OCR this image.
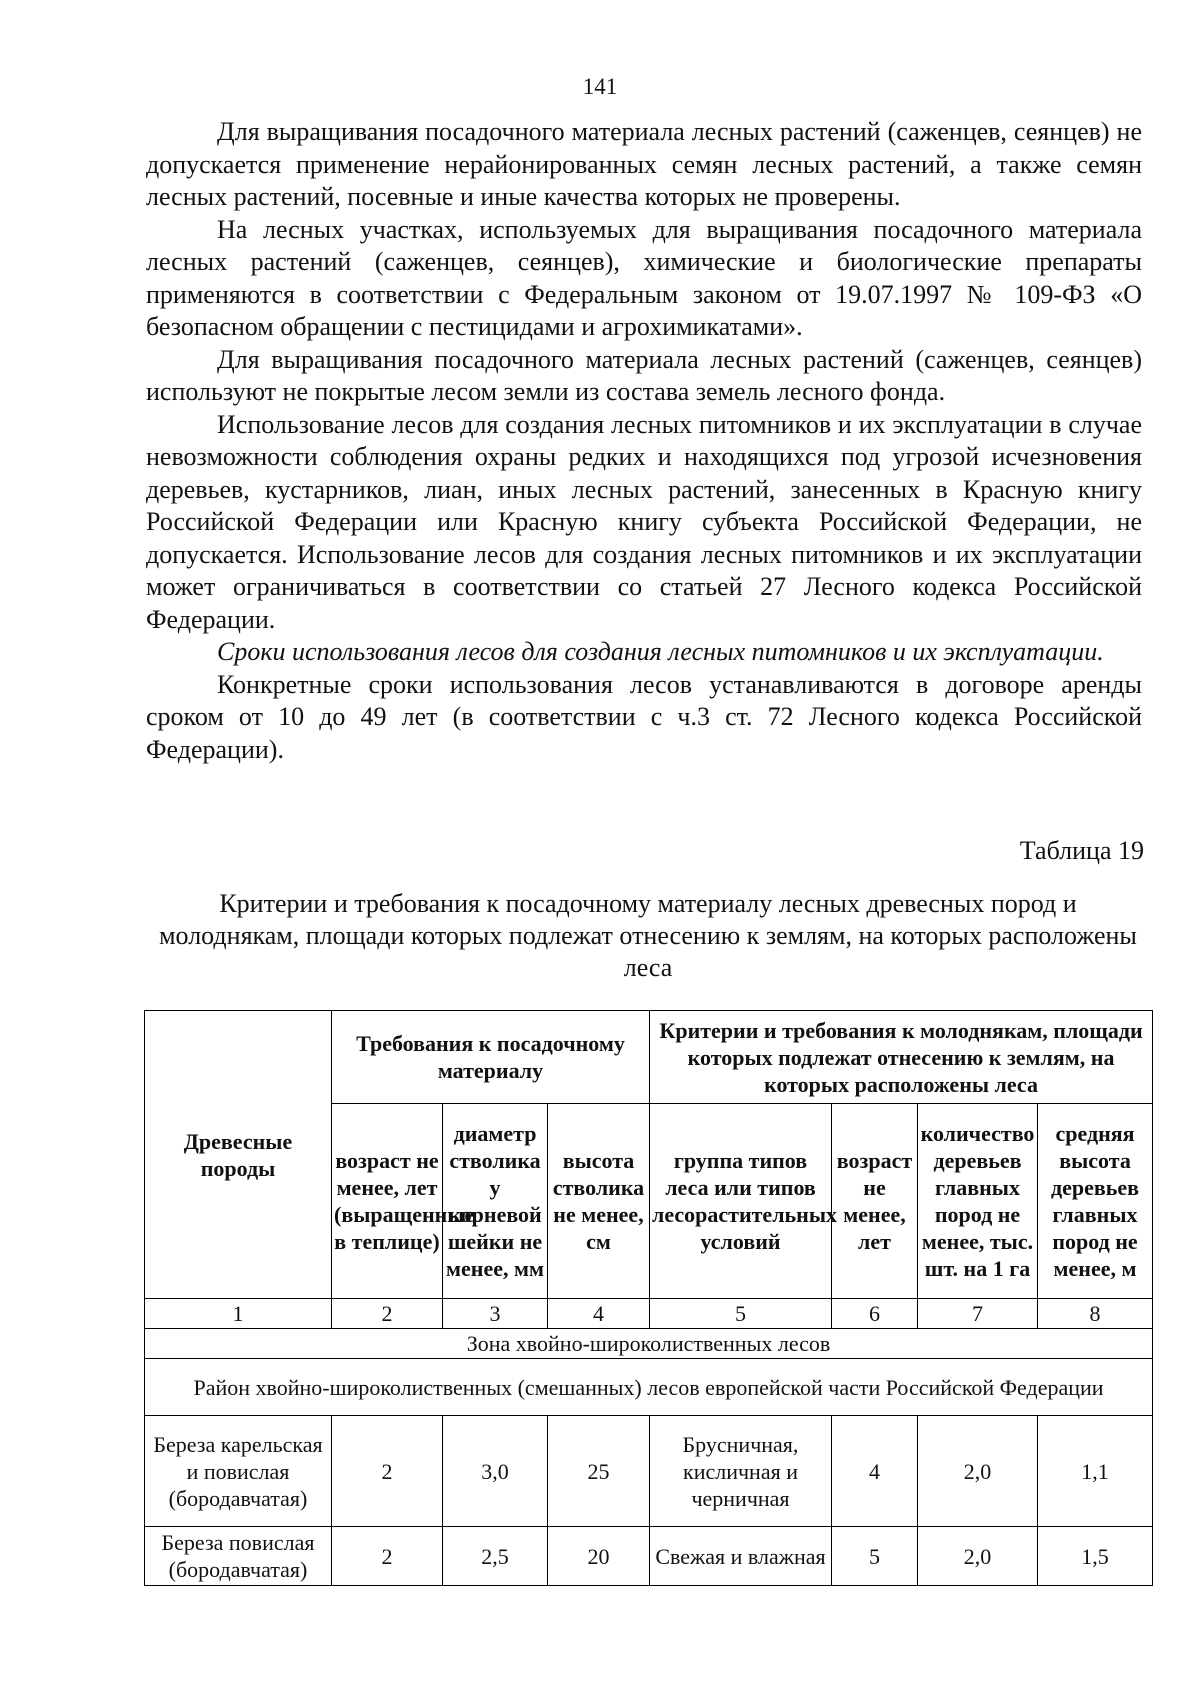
141

Для выращивания посадочного материала лесных растений (саженцев, сеянцев) не допускается применение нерайонированных семян лесных растений, а также семян лесных растений, посевные и иные качества которых не проверены.

На лесных участках, используемых для выращивания посадочного материала лесных растений (саженцев, сеянцев), химические и биологические препараты применяются в соответствии с Федеральным законом от 19.07.1997 № 109-ФЗ «О безопасном обращении с пестицидами и агрохимикатами».

Для выращивания посадочного материала лесных растений (саженцев, сеянцев) используют не покрытые лесом земли из состава земель лесного фонда.

Использование лесов для создания лесных питомников и их эксплуатации в случае невозможности соблюдения охраны редких и находящихся под угрозой исчезновения деревьев, кустарников, лиан, иных лесных растений, занесенных в Красную книгу Российской Федерации или Красную книгу субъекта Российской Федерации, не допускается. Использование лесов для создания лесных питомников и их эксплуатации может ограничиваться в соответствии со статьей 27 Лесного кодекса Российской Федерации.

Сроки использования лесов для создания лесных питомников и их эксплуатации.

Конкретные сроки использования лесов устанавливаются в договоре аренды сроком от 10 до 49 лет (в соответствии с ч.3 ст. 72 Лесного кодекса Российской Федерации).

Таблица 19
Критерии и требования к посадочному материалу лесных древесных пород и молоднякам, площади которых подлежат отнесению к землям, на которых расположены леса
Древесные породы	Требования к посадочному материалу			Критерии и требования к молоднякам, площади которых подлежат отнесению к землям, на которых расположены леса			
	возраст не менее, лет (выращенные в теплице)	диаметр стволика у корневой шейки не менее, мм	высота стволика не менее, см	группа типов леса или типов лесорастительных условий	возраст не менее, лет	количество деревьев главных пород не менее, тыс. шт. на 1 га	средняя высота деревьев главных пород не менее, м
1	2	3	4	5	6	7	8
Зона хвойно-широколиственных лесов							
Район хвойно-широколиственных (смешанных) лесов европейской части Российской Федерации							
Береза карельская и повислая (бородавчатая)	2	3,0	25	Брусничная, кисличная и черничная	4	2,0	1,1
Береза повислая (бородавчатая)	2	2,5	20	Свежая и влажная	5	2,0	1,5
